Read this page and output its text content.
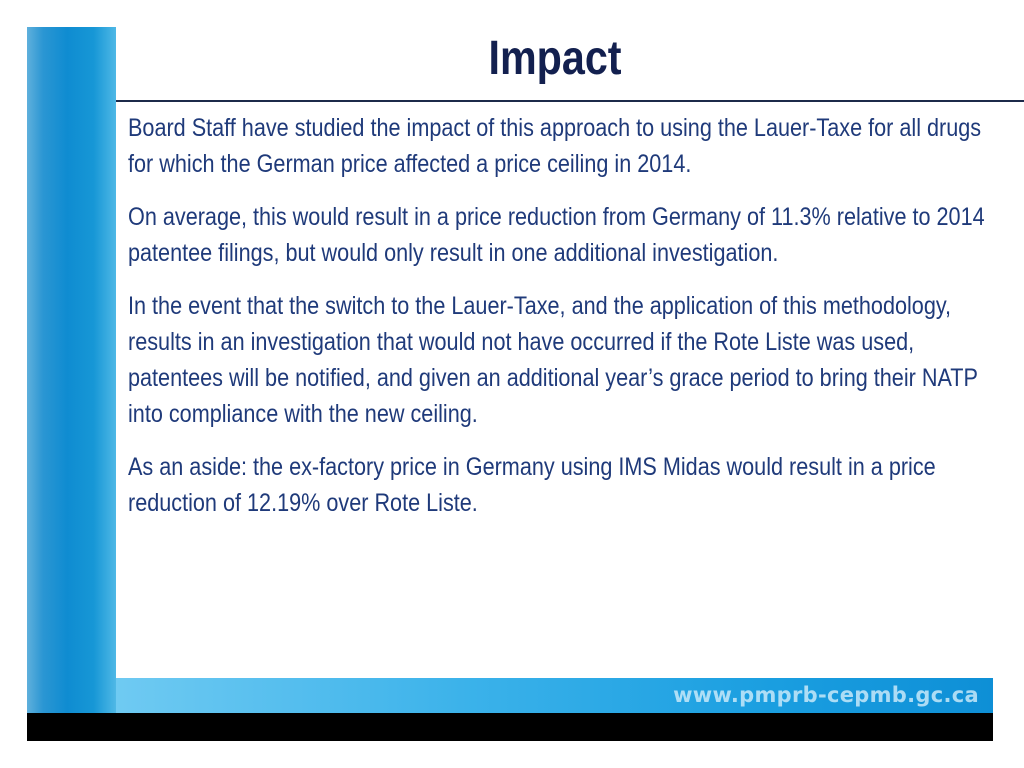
Impact

Board Staff have studied the impact of this approach to using the Lauer-Taxe for all drugs for which the German price affected a price ceiling in 2014.

On average, this would result in a price reduction from Germany of 11.3% relative to 2014 patentee filings, but would only result in one additional investigation.

In the event that the switch to the Lauer-Taxe, and the application of this methodology, results in an investigation that would not have occurred if the Rote Liste was used, patentees will be notified, and given an additional year’s grace period to bring their NATP into compliance with the new ceiling.

As an aside: the ex-factory price in Germany using IMS Midas would result in a price reduction of 12.19% over Rote Liste.

www.pmprb-cepmb.gc.ca
